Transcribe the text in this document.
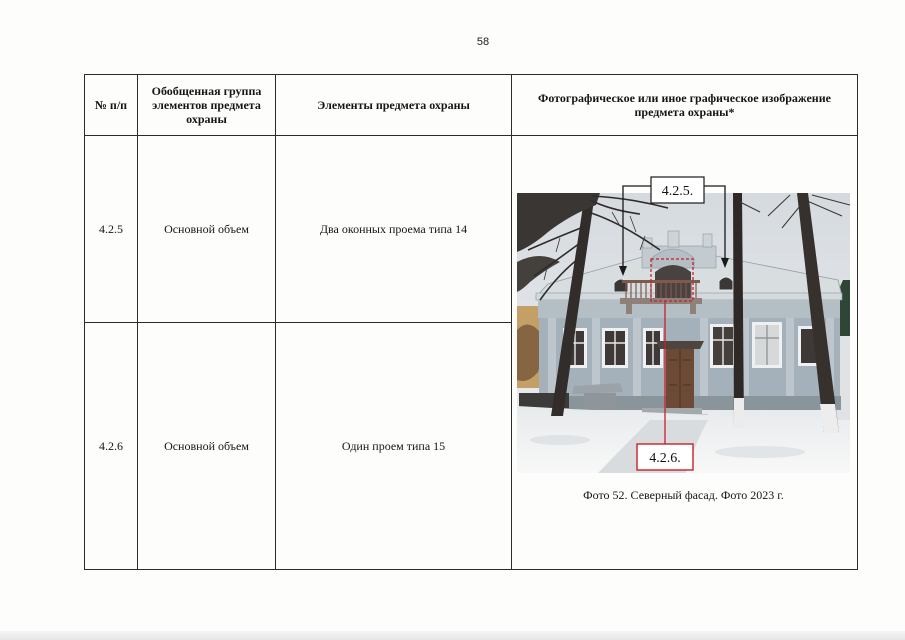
58
№ п/п	Обобщенная группа элементов предмета охраны	Элементы предмета охраны	Фотографическое или иное графическое изображение предмета охраны*
4.2.5	Основной объем	Два оконных проема типа 14	
4.2.6	Основной объем	Один проем типа 15	
4.2.5.
4.2.6.
Фото 52. Северный фасад. Фото 2023 г.
